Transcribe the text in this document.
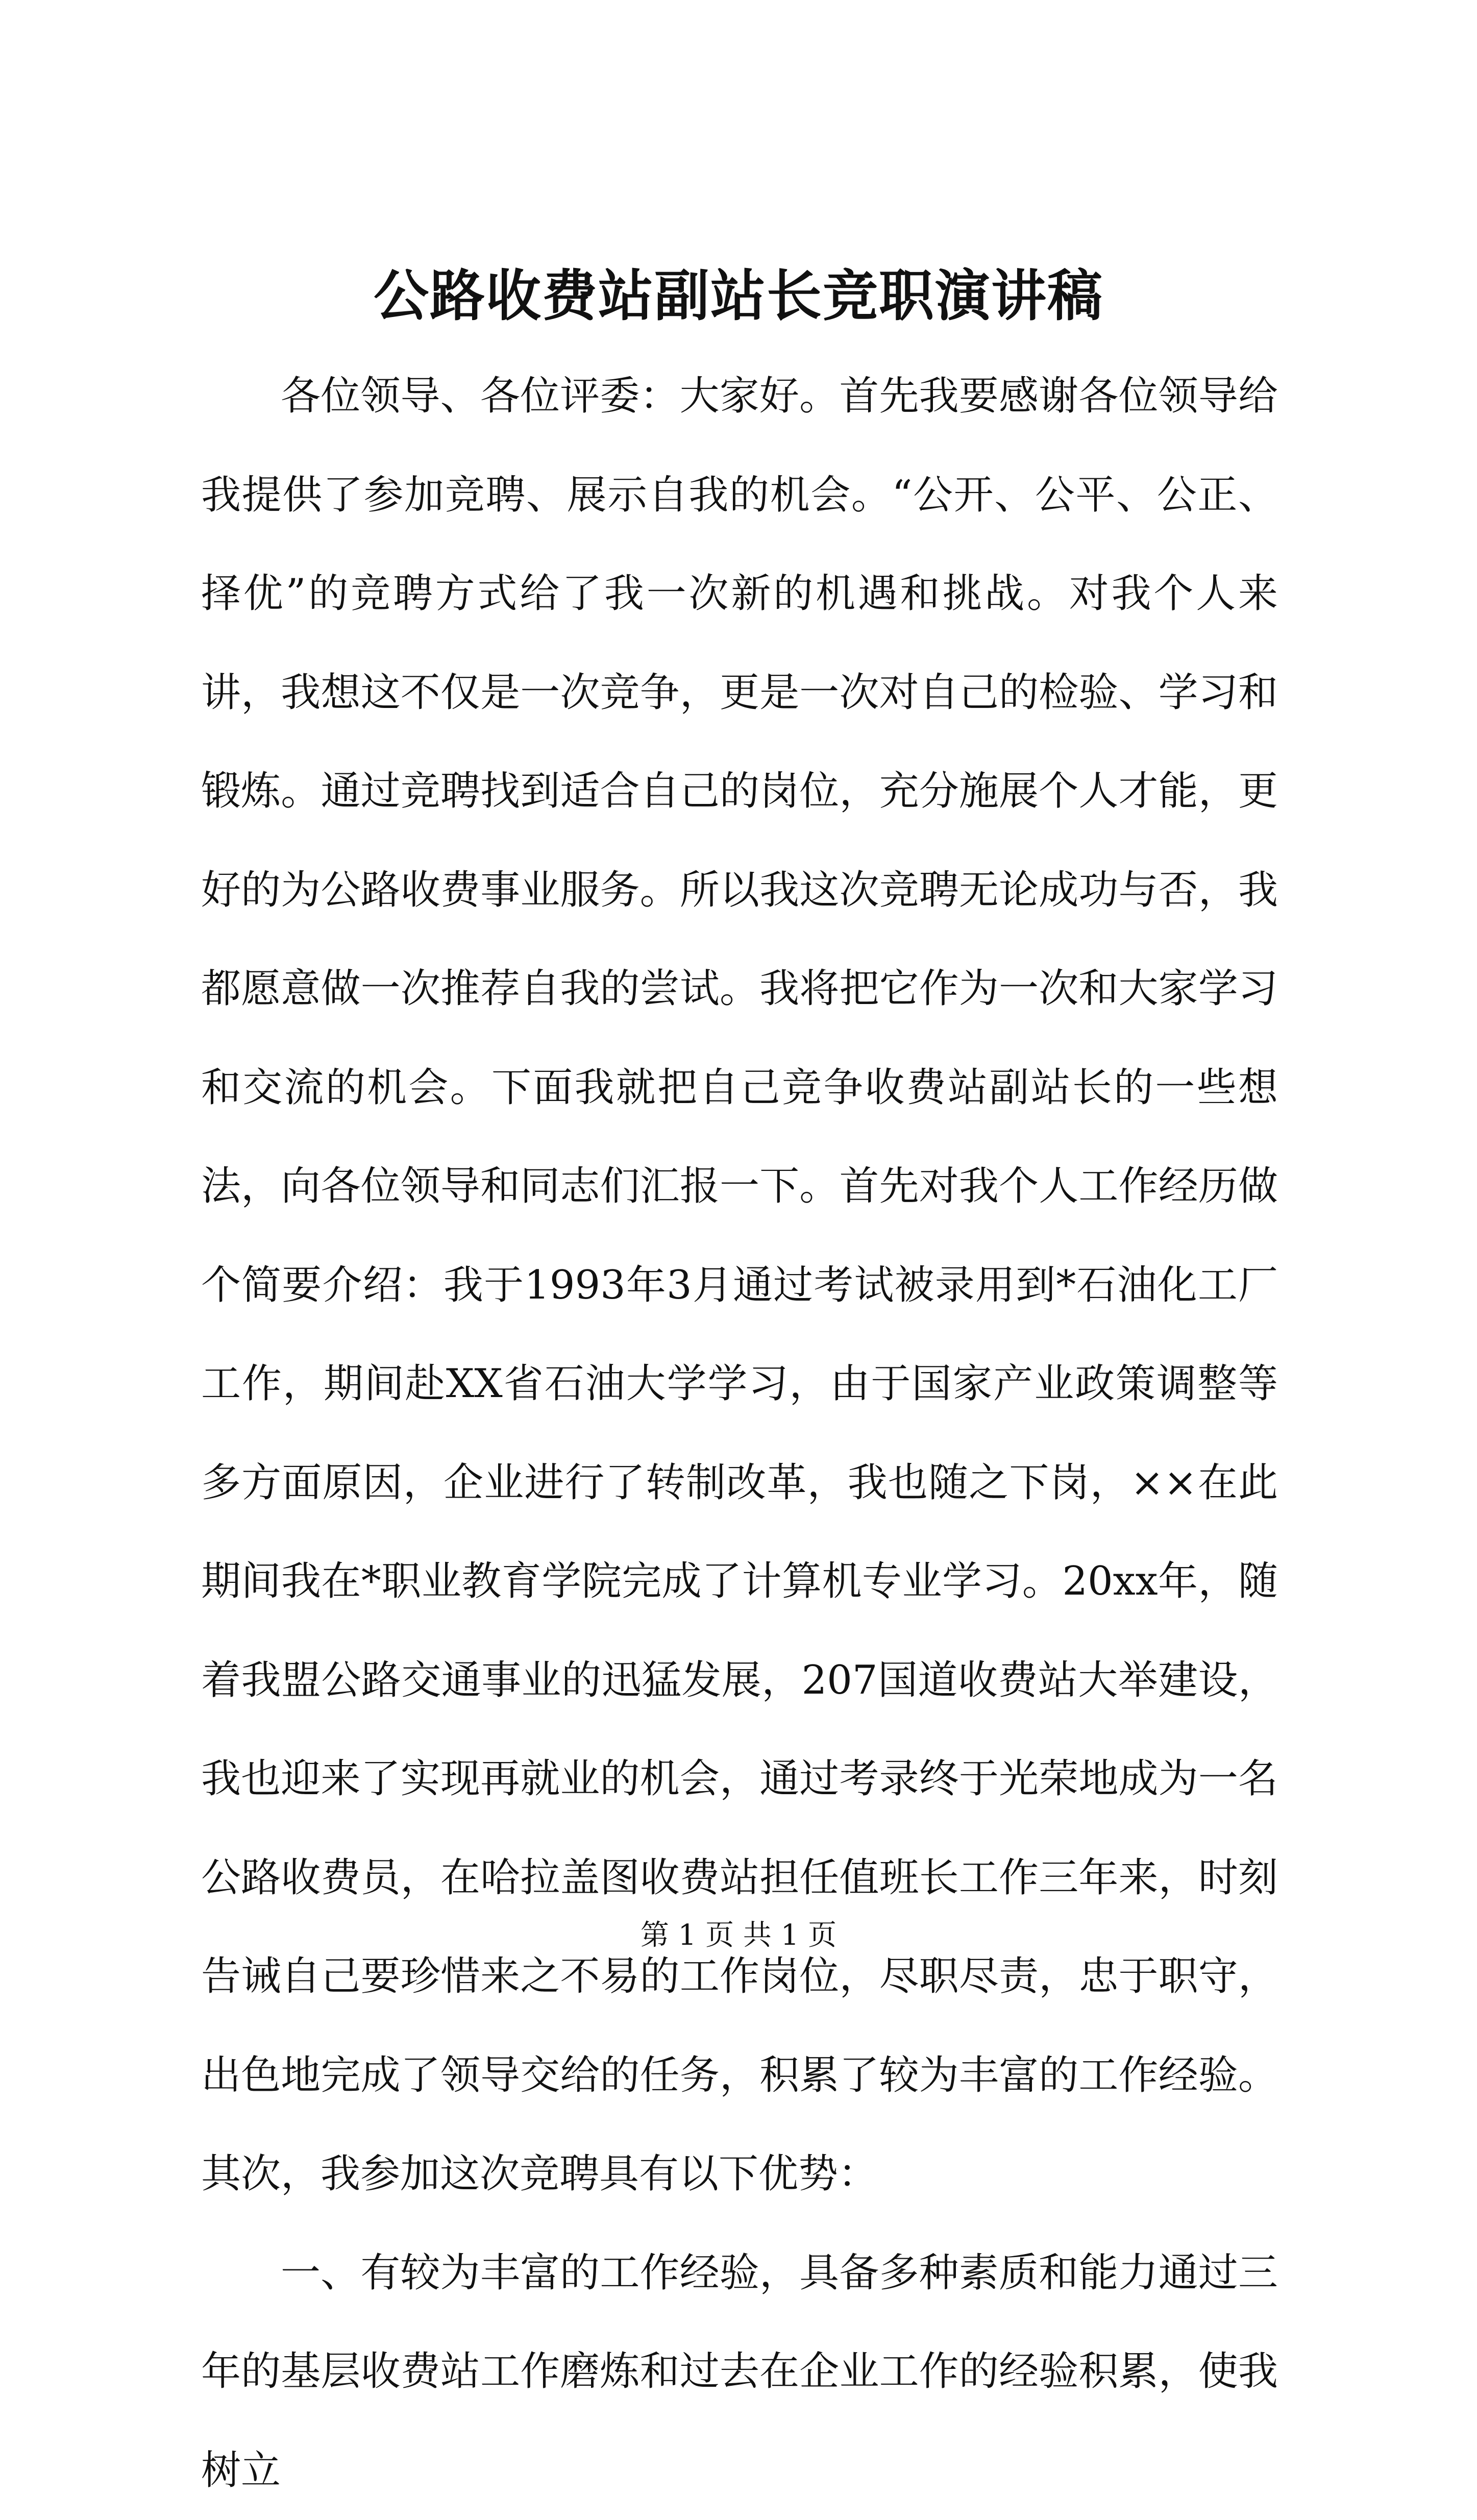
公路收费站副站长竞职演讲稿

各位领导、各位评委：大家好。首先我要感谢各位领导给我提供了参加竞聘、展示自我的机会。“公开、公平、公正、择优”的竞聘方式给了我一次新的机遇和挑战。对我个人来讲，我想这不仅是一次竞争，更是一次对自己的检验、学习和锻炼。通过竞聘找到适合自己的岗位，充分施展个人才能，更好的为公路收费事业服务。所以我这次竞聘无论成功与否，我都愿意做一次推荐自我的尝试。我将把它作为一次和大家学习和交流的机会。下面我就把自己竞争收费站副站长的一些想法，向各位领导和同志们汇报一下。首先对我个人工作经历做个简要介绍：我于1993年3月通过考试被录用到*石油化工厂工作，期间赴XX省石油大学学习，由于国家产业政策调整等多方面原因，企业进行了转制改革，我也随之下岗，××在此期间我在*职业教育学院完成了计算机专业学习。20xx年，随着我盟公路交通事业的迅猛发展，207国道收费站大举建设，我也迎来了实现再就业的机会，通过考录终于光荣地成为一名公路收费员，在哈拉盖图收费站担任值班长工作三年来，时刻告诫自己要珍惜来之不易的工作岗位，尽职尽责，忠于职守，出色地完成了领导交给的任务，积累了较为丰富的工作经验。其次，我参加这次竞聘具有以下优势：

一、有较为丰富的工作经验，具备多种素质和能力通过三年的基层收费站工作磨炼和过去在企业工作的经验积累，使我树立

第 1 页 共 1 页
